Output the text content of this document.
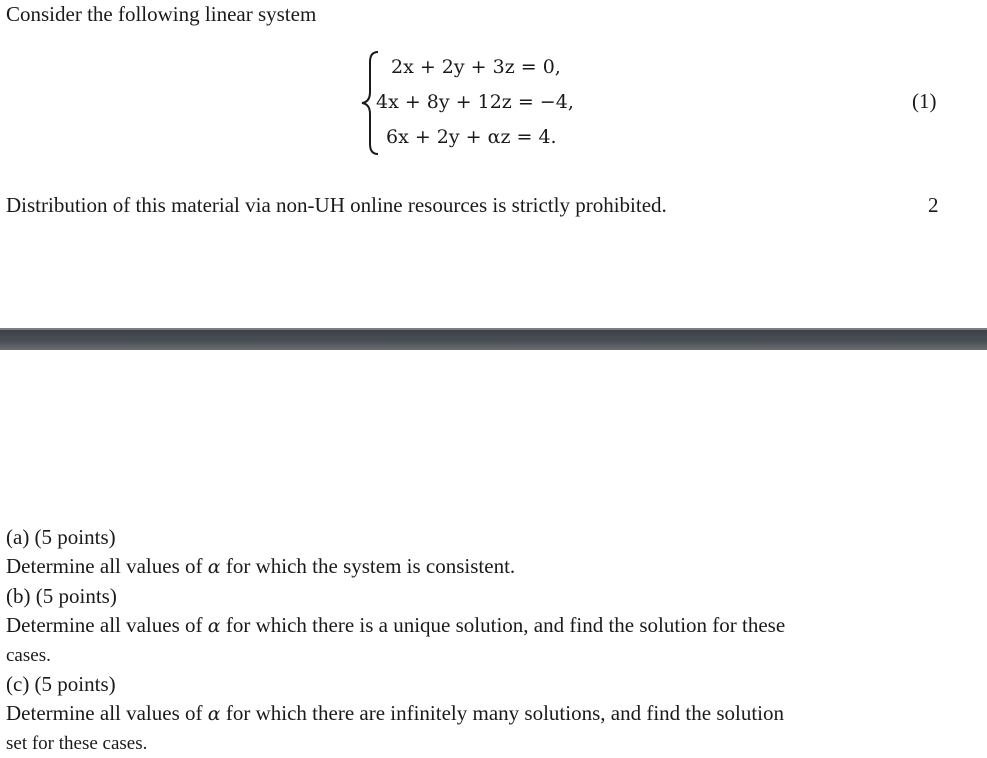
Consider the following linear system
2x + 2y + 3z = 0,
4x + 8y + 12z = −4,
6x + 2y + αz = 4.
(1)
Distribution of this material via non-UH online resources is strictly prohibited.	2
(a) (5 points)
Determine all values of α for which the system is consistent.
(b) (5 points)
Determine all values of α for which there is a unique solution, and find the solution for these
cases.
(c) (5 points)
Determine all values of α for which there are infinitely many solutions, and find the solution
set for these cases.
